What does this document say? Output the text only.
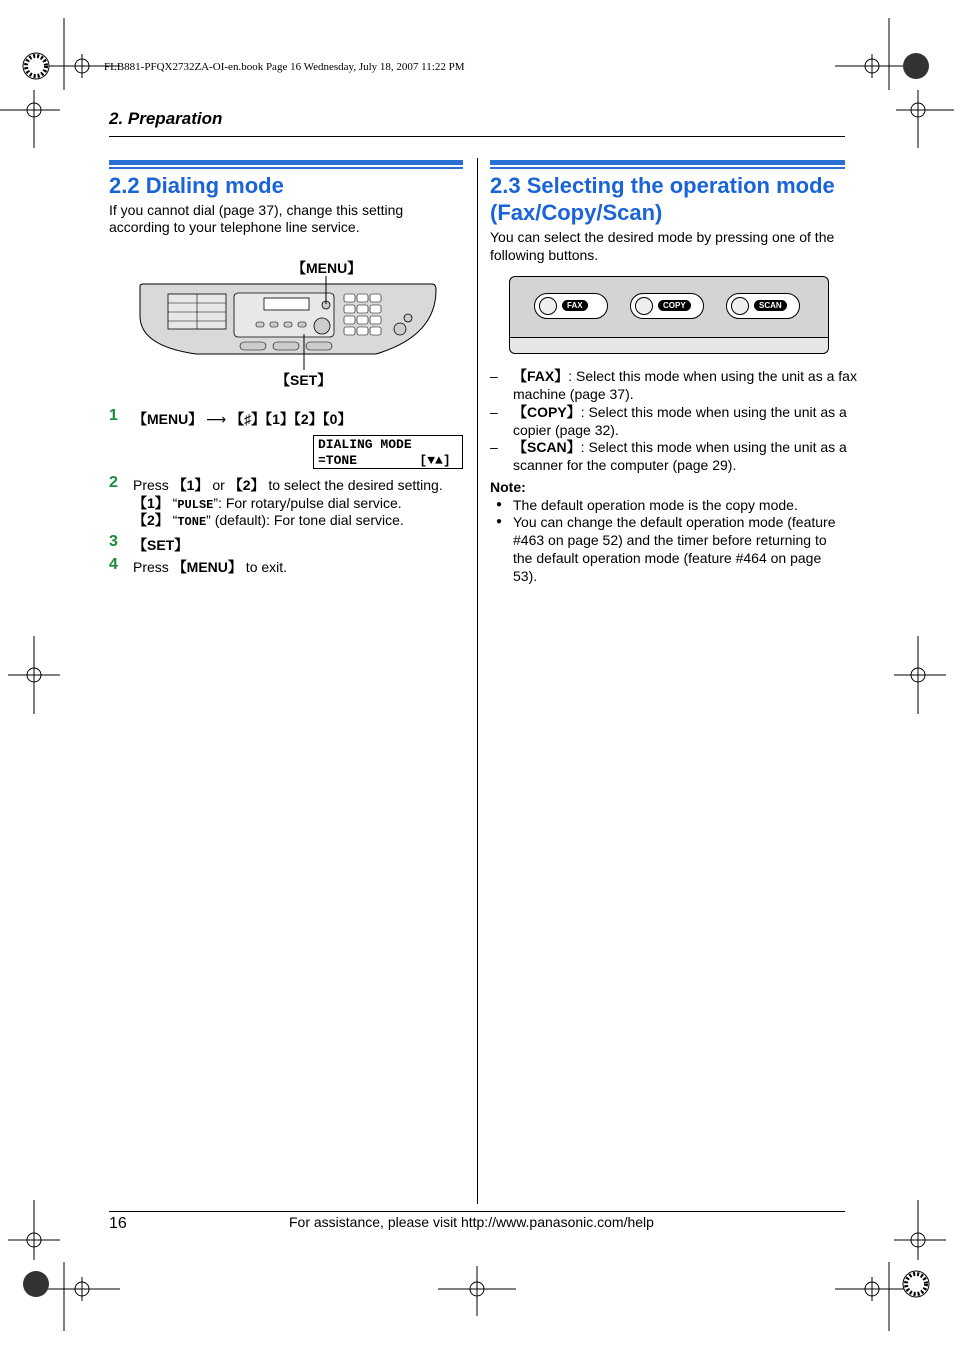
FLB881-PFQX2732ZA-OI-en.book Page 16 Wednesday, July 18, 2007 11:22 PM
2. Preparation
2.2 Dialing mode
If you cannot dial (page 37), change this setting
according to your telephone line service.
【MENU】
【SET】
1 【MENU】 ⟶ 【♯】【1】【2】【0】
DIALING MODE
=TONE        [▼▲]
2 Press 【1】 or 【2】 to select the desired setting.
【1】 “PULSE”: For rotary/pulse dial service.
【2】 “TONE” (default): For tone dial service.
3 【SET】
4 Press 【MENU】 to exit.
2.3 Selecting the operation mode
(Fax/Copy/Scan)
You can select the desired mode by pressing one of the
following buttons.
FAX	COPY	SCAN
– 【FAX】: Select this mode when using the unit as a fax
machine (page 37).
– 【COPY】: Select this mode when using the unit as a
copier (page 32).
– 【SCAN】: Select this mode when using the unit as a
scanner for the computer (page 29).
Note:
● The default operation mode is the copy mode.
● You can change the default operation mode (feature
#463 on page 52) and the timer before returning to
the default operation mode (feature #464 on page
53).
16	For assistance, please visit http://www.panasonic.com/help
